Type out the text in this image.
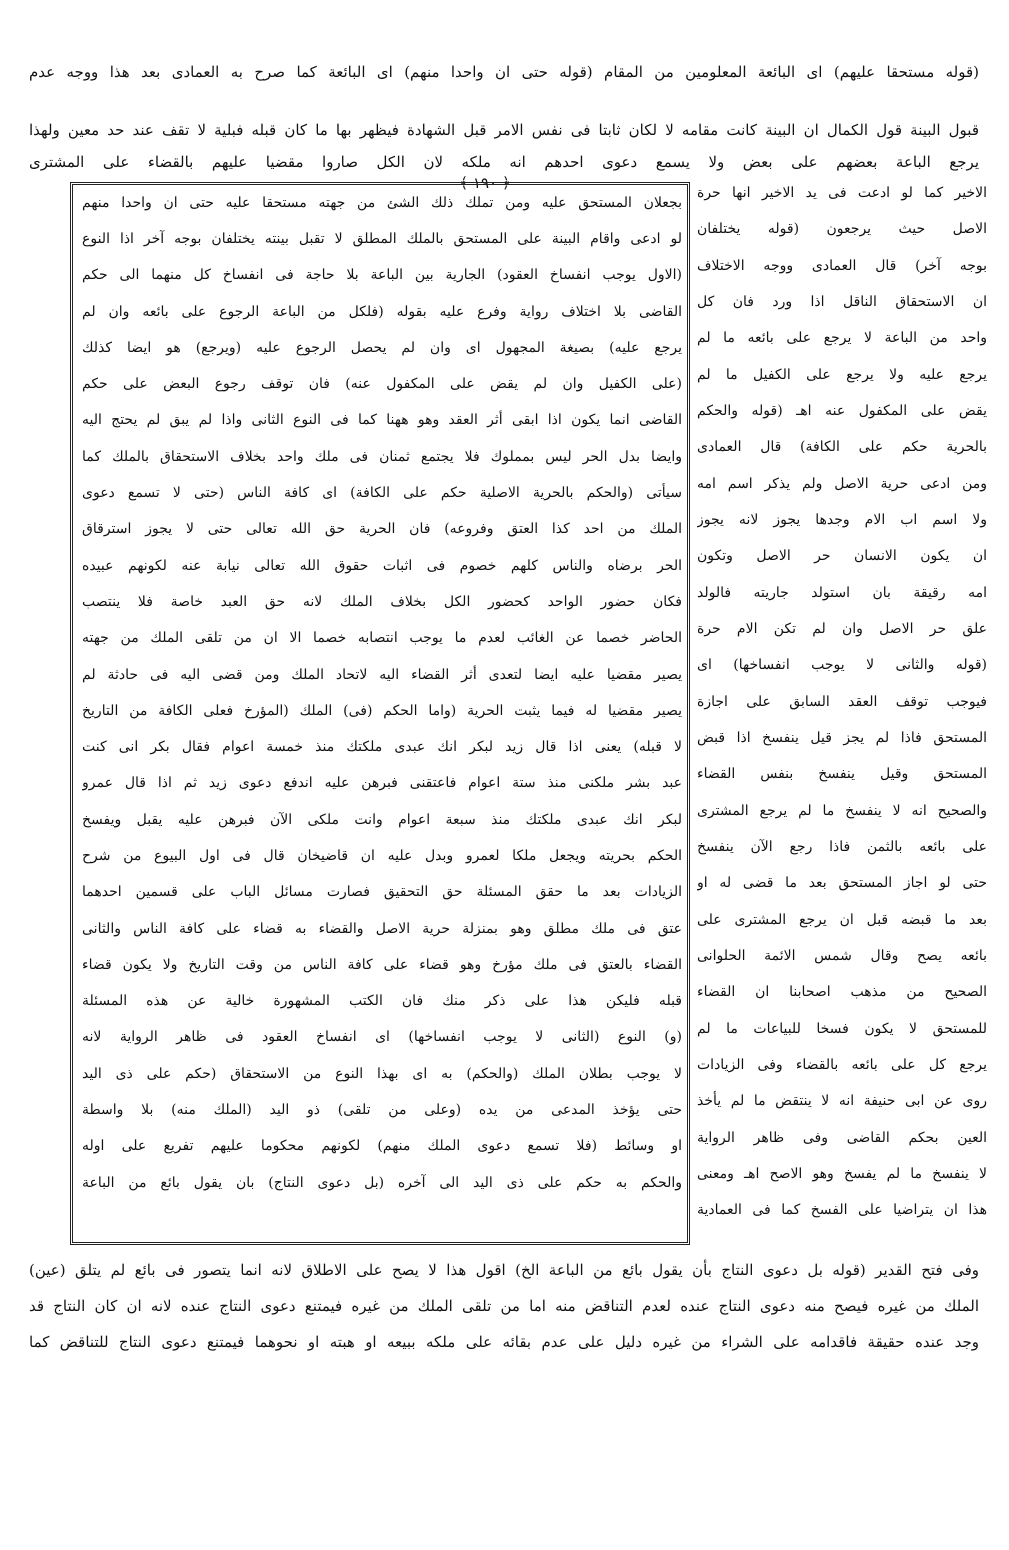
(قوله مستحقا عليهم) اى البائعة المعلومين من المقام (قوله حتى ان واحدا منهم) اى البائعة كما صرح به العمادى بعد هذا ووجه عدم
قبول البينة قول الكمال ان البينة كانت مقامه لا لكان ثابتا فى نفس الامر قبل الشهادة فيظهر بها ما كان قبله فبلية لا تقف عند حد معين ولهذا
يرجع الباعة بعضهم على بعض ولا يسمع دعوى احدهم انه ملكه لان الكل صاروا مقضيا عليهم بالقضاء على المشترى
﴿ ١٩٠ ﴾
بجعلان المستحق عليه ومن تملك ذلك الشئ من جهته مستحقا عليه حتى ان واحدا منهم
لو ادعى واقام البينة على المستحق بالملك المطلق لا تقبل بينته يختلفان بوجه آخر اذا النوع
(الاول يوجب انفساخ العقود) الجارية بين الباعة بلا حاجة فى انفساخ كل منهما الى حكم
القاضى بلا اختلاف رواية وفرع عليه بقوله (فلكل من الباعة الرجوع على بائعه وان لم
يرجع عليه) بصيغة المجهول اى وان لم يحصل الرجوع عليه (ويرجع) هو ايضا كذلك
(على الكفيل وان لم يقض على المكفول عنه) فان توقف رجوع البعض على حكم
القاضى انما يكون اذا ابقى أثر العقد وهو ههنا كما فى النوع الثانى واذا لم يبق لم يحتج اليه
وايضا بدل الحر ليس بمملوك فلا يجتمع ثمنان فى ملك واحد بخلاف الاستحقاق بالملك كما
سيأتى (والحكم بالحرية الاصلية حكم على الكافة) اى كافة الناس (حتى لا تسمع دعوى
الملك من احد كذا العتق وفروعه) فان الحرية حق الله تعالى حتى لا يجوز استرقاق
الحر برضاه والناس كلهم خصوم فى اثبات حقوق الله تعالى نيابة عنه لكونهم عبيده
فكان حضور الواحد كحضور الكل بخلاف الملك لانه حق العبد خاصة فلا ينتصب
الحاضر خصما عن الغائب لعدم ما يوجب انتصابه خصما الا ان من تلقى الملك من جهته
يصير مقضيا عليه ايضا لتعدى أثر القضاء اليه لاتحاد الملك ومن قضى اليه فى حادثة لم
يصير مقضيا له فيما يثبت الحرية (واما الحكم (فى) الملك (المؤرخ فعلى الكافة من التاريخ
لا قبله) يعنى اذا قال زيد لبكر انك عبدى ملكتك منذ خمسة اعوام فقال بكر انى كنت
عبد بشر ملكنى منذ ستة اعوام فاعتقنى فبرهن عليه اندفع دعوى زيد ثم اذا قال عمرو
لبكر انك عبدى ملكتك منذ سبعة اعوام وانت ملكى الآن فبرهن عليه يقبل ويفسخ
الحكم بحريته ويجعل ملكا لعمرو وبدل عليه ان قاضيخان قال فى اول البيوع من شرح
الزيادات بعد ما حقق المسئلة حق التحقيق فصارت مسائل الباب على قسمين احدهما
عتق فى ملك مطلق وهو بمنزلة حرية الاصل والقضاء به قضاء على كافة الناس والثانى
القضاء بالعتق فى ملك مؤرخ وهو قضاء على كافة الناس من وقت التاريخ ولا يكون قضاء
قبله فليكن هذا على ذكر منك فان الكتب المشهورة خالية عن هذه المسئلة
(و) النوع (الثانى لا يوجب انفساخها) اى انفساخ العقود فى ظاهر الرواية لانه
لا يوجب بطلان الملك (والحكم) به اى بهذا النوع من الاستحقاق (حكم على ذى اليد
حتى يؤخذ المدعى من يده (وعلى من تلقى) ذو اليد (الملك منه) بلا واسطة
او وسائط (فلا تسمع دعوى الملك منهم) لكونهم محكوما عليهم تفريع على اوله
والحكم به حكم على ذى اليد الى آخره (بل دعوى النتاج) بان يقول بائع من الباعة
الاخير كما لو ادعت فى يد الاخير انها حرة
الاصل حيث يرجعون (قوله يختلفان
بوجه آخر) قال العمادى ووجه الاختلاف
ان الاستحقاق الناقل اذا ورد فان كل
واحد من الباعة لا يرجع على بائعه ما لم
يرجع عليه ولا يرجع على الكفيل ما لم
يقض على المكفول عنه اهـ (قوله والحكم
بالحرية حكم على الكافة) قال العمادى
ومن ادعى حرية الاصل ولم يذكر اسم امه
ولا اسم اب الام وجدها يجوز لانه يجوز
ان يكون الانسان حر الاصل وتكون
امه رقيقة بان استولد جاريته فالولد
علق حر الاصل وان لم تكن الام حرة
(قوله والثانى لا يوجب انفساخها) اى
فيوجب توقف العقد السابق على اجازة
المستحق فاذا لم يجز قيل ينفسخ اذا قبض
المستحق وقيل ينفسخ بنفس القضاء
والصحيح انه لا ينفسخ ما لم يرجع المشترى
على بائعه بالثمن فاذا رجع الآن ينفسخ
حتى لو اجاز المستحق بعد ما قضى له او
بعد ما قبضه قبل ان يرجع المشترى على
بائعه يصح وقال شمس الائمة الحلوانى
الصحيح من مذهب اصحابنا ان القضاء
للمستحق لا يكون فسخا للبياعات ما لم
يرجع كل على بائعه بالقضاء وفى الزيادات
روى عن ابى حنيفة انه لا ينتقض ما لم يأخذ
العين بحكم القاضى وفى ظاهر الرواية
لا ينفسخ ما لم يفسخ وهو الاصح اهـ ومعنى
هذا ان يتراضيا على الفسخ كما فى العمادية
وفى فتح القدير (قوله بل دعوى النتاج بأن يقول بائع من الباعة الخ) اقول هذا لا يصح على الاطلاق لانه انما يتصور فى بائع لم يتلق (عين)
الملك من غيره فيصح منه دعوى النتاج عنده لعدم التناقض منه اما من تلقى الملك من غيره فيمتنع دعوى النتاج عنده لانه ان كان النتاج قد
وجد عنده حقيقة فاقدامه على الشراء من غيره دليل على عدم بقائه على ملكه ببيعه او هبته او نحوهما فيمتنع دعوى النتاج للتناقض كما
